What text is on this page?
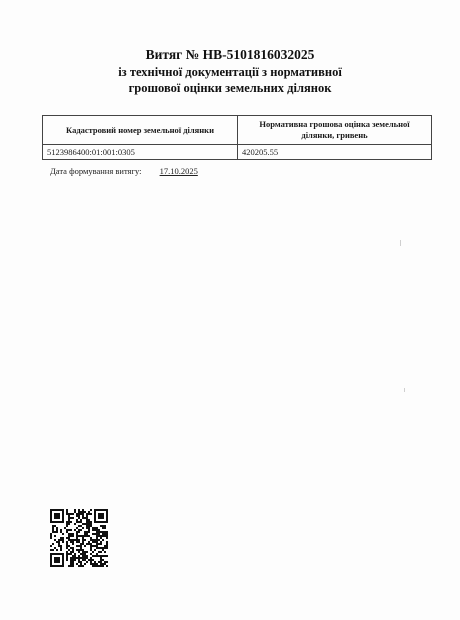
Витяг № НВ-5101816032025
із технічної документації з нормативної
грошової оцінки земельних ділянок
Кадастровий номер земельної ділянки	Нормативна грошова оцінка земельної ділянки, гривень
5123986400:01:001:0305	420205.55
Дата формування витягу: 17.10.2025
